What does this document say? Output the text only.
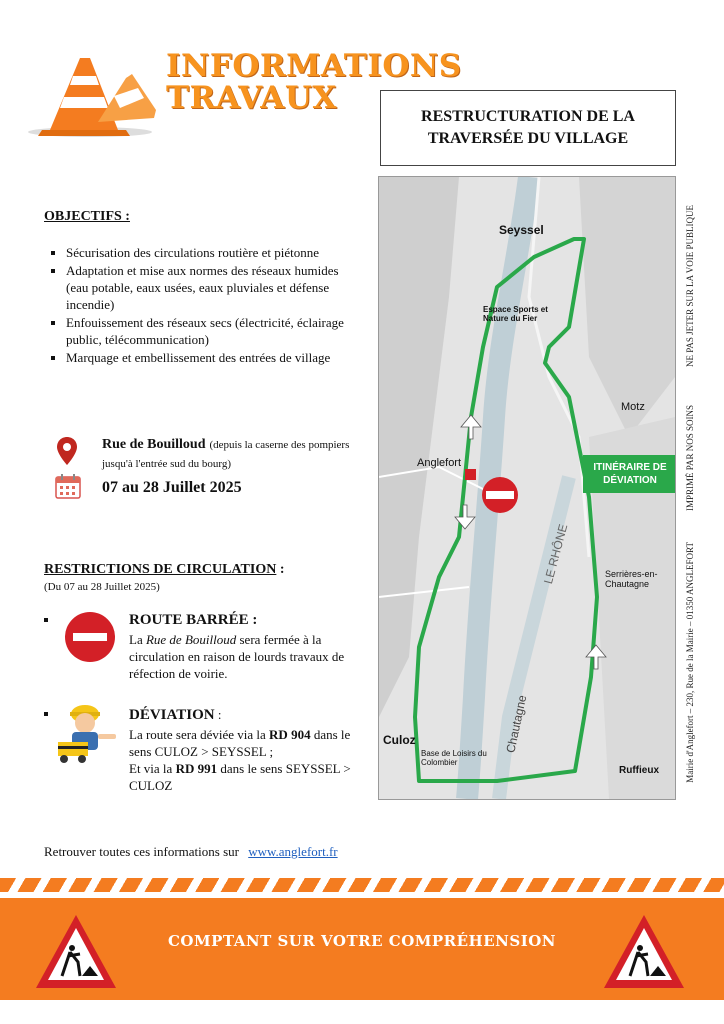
INFORMATIONS
TRAVAUX
RESTRUCTURATION DE LA TRAVERSÉE DU VILLAGE
OBJECTIFS :
▪ Sécurisation des circulations routière et piétonne
▪ Adaptation et mise aux normes des réseaux humides (eau potable, eaux usées, eaux pluviales et défense incendie)
▪ Enfouissement des réseaux secs (électricité, éclairage public, télécommunication)
▪ Marquage et embellissement des entrées de village
Rue de Bouilloud (depuis la caserne des pompiers jusqu'à l'entrée sud du bourg)
07 au 28 Juillet 2025
RESTRICTIONS DE CIRCULATION :
(Du 07 au 28 Juillet 2025)
ROUTE BARRÉE :
La Rue de Bouilloud sera fermée à la circulation en raison de lourds travaux de réfection de voirie.
DÉVIATION :
La route sera déviée via la RD 904 dans le sens CULOZ > SEYSSEL ;
Et via la RD 991 dans le sens SEYSSEL > CULOZ
Seyssel
Espace Sports et Nature du Fier
Motz
Anglefort
LE RHÔNE	Serrières-en-Chautagne
Chautagne
Culoz
Base de Loisirs du Colombier
Ruffieux
ITINÉRAIRE DE DÉVIATION
NE PAS JETER SUR LA VOIE PUBLIQUE
IMPRIMÉ PAR NOS SOINS
Mairie d'Anglefort – 230, Rue de la Mairie – 01350 ANGLEFORT
Retrouver toutes ces informations sur www.anglefort.fr
COMPTANT SUR VOTRE COMPRÉHENSION
